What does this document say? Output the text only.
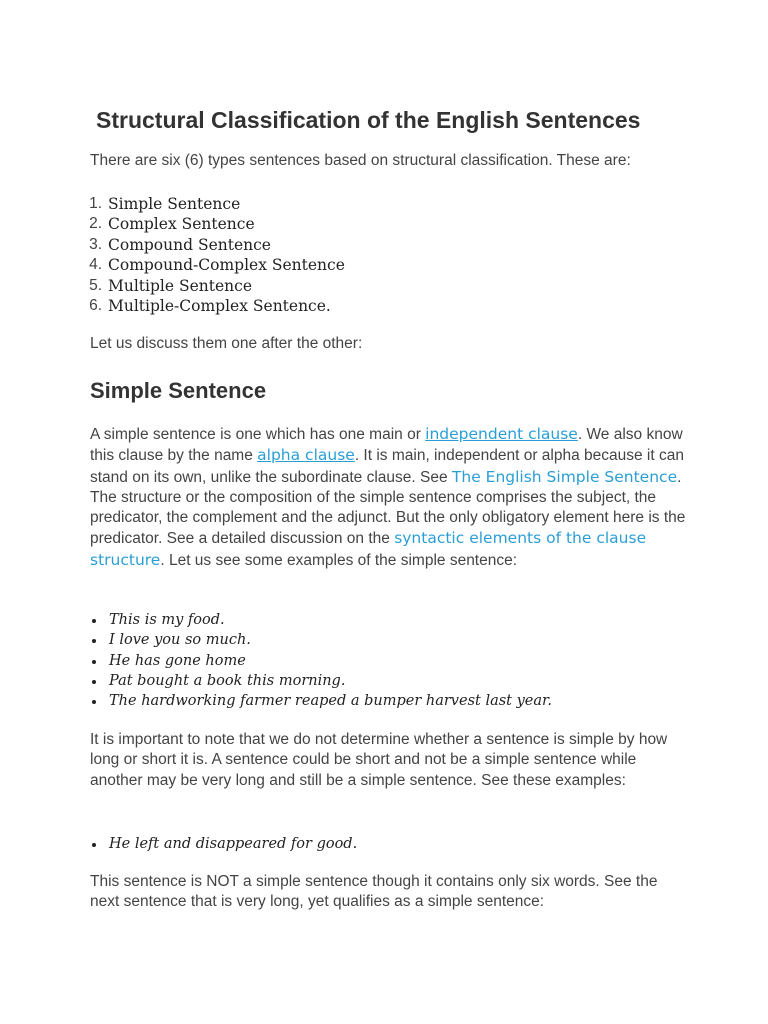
Structural Classification of the English Sentences

There are six (6) types sentences based on structural classification. These are:

Simple Sentence
Complex Sentence
Compound Sentence
Compound-Complex Sentence
Multiple Sentence
Multiple-Complex Sentence.

Let us discuss them one after the other:

Simple Sentence

A simple sentence is one which has one main or independent clause. We also know this clause by the name alpha clause. It is main, independent or alpha because it can stand on its own, unlike the subordinate clause. See The English Simple Sentence. The structure or the composition of the simple sentence comprises the subject, the predicator, the complement and the adjunct. But the only obligatory element here is the predicator. See a detailed discussion on the syntactic elements of the clause structure. Let us see some examples of the simple sentence:

This is my food.
I love you so much.
He has gone home
Pat bought a book this morning.
The hardworking farmer reaped a bumper harvest last year.

It is important to note that we do not determine whether a sentence is simple by how long or short it is. A sentence could be short and not be a simple sentence while another may be very long and still be a simple sentence. See these examples:

He left and disappeared for good.

This sentence is NOT a simple sentence though it contains only six words. See the next sentence that is very long, yet qualifies as a simple sentence:
